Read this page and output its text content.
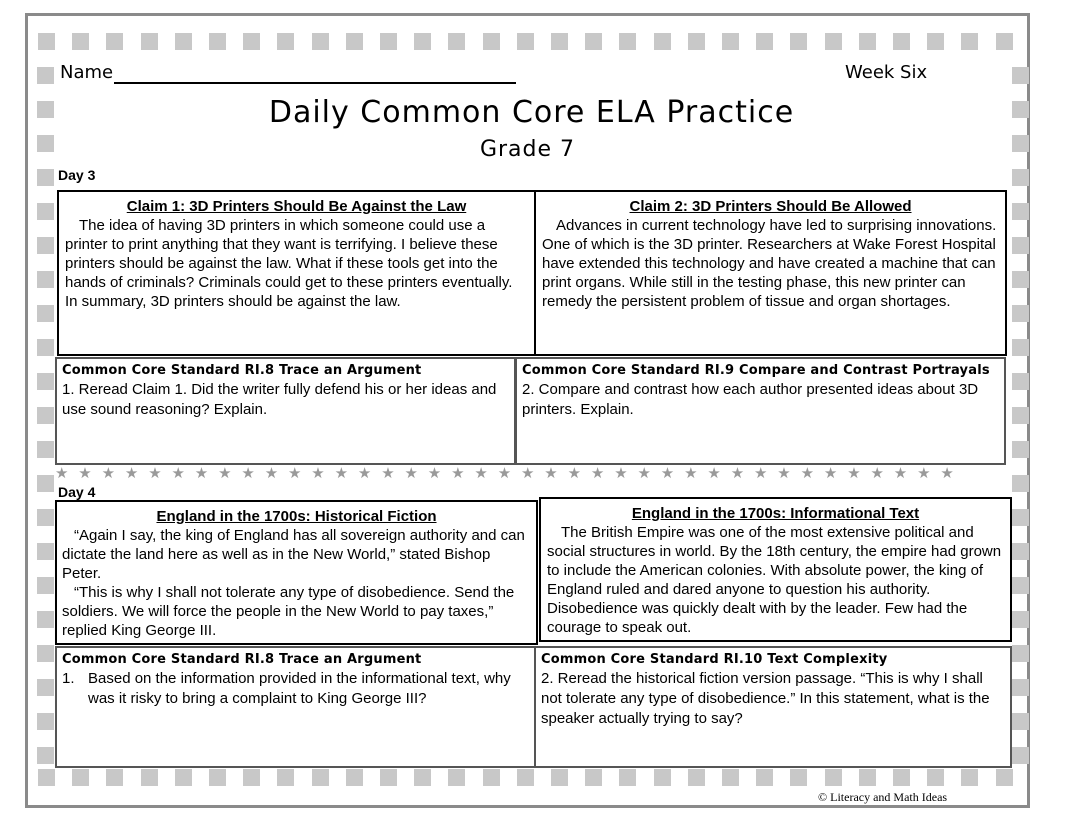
Name	Week Six
Daily Common Core ELA Practice
Grade 7
Day 3
Claim 1: 3D Printers Should Be Against the Law
The idea of having 3D printers in which someone could use a printer to print anything that they want is terrifying. I believe these printers should be against the law. What if these tools get into the hands of criminals? Criminals could get to these printers eventually. In summary, 3D printers should be against the law.
Claim 2: 3D Printers Should Be Allowed
Advances in current technology have led to surprising innovations. One of which is the 3D printer. Researchers at Wake Forest Hospital have extended this technology and have created a machine that can print organs. While still in the testing phase, this new printer can remedy the persistent problem of tissue and organ shortages.
Common Core Standard RI.8 Trace an Argument
1. Reread Claim 1. Did the writer fully defend his or her ideas and use sound reasoning? Explain.
Common Core Standard RI.9 Compare and Contrast Portrayals
2. Compare and contrast how each author presented ideas about 3D printers. Explain.
★ ★ ★ ★ ★ ★ ★ ★ ★ ★ ★ ★ ★ ★ ★ ★ ★ ★ ★ ★ ★ ★ ★ ★ ★ ★ ★ ★ ★ ★ ★ ★ ★ ★ ★ ★ ★ ★ ★
Day 4
England in the 1700s: Historical Fiction
“Again I say, the king of England has all sovereign authority and can dictate the land here as well as in the New World,” stated Bishop Peter.
“This is why I shall not tolerate any type of disobedience. Send the soldiers. We will force the people in the New World to pay taxes,” replied King George III.
England in the 1700s: Informational Text
The British Empire was one of the most extensive political and social structures in world. By the 18th century, the empire had grown to include the American colonies. With absolute power, the king of England ruled and dared anyone to question his authority. Disobedience was quickly dealt with by the leader. Few had the courage to speak out.
Common Core Standard RI.8 Trace an Argument
1. Based on the information provided in the informational text, why was it risky to bring a complaint to King George III?
Common Core Standard RI.10 Text Complexity
2. Reread the historical fiction version passage. “This is why I shall not tolerate any type of disobedience.” In this statement, what is the speaker actually trying to say?
© Literacy and Math Ideas
